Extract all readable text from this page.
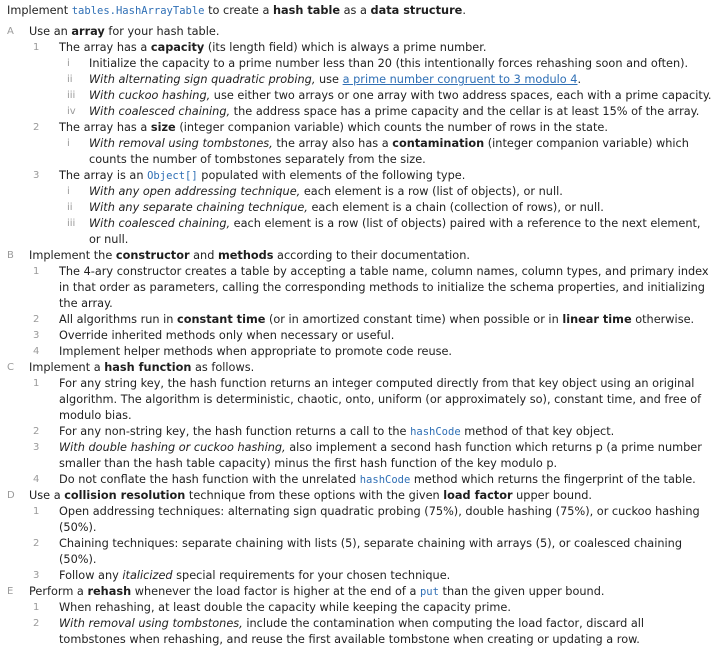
Implement tables.HashArrayTable to create a hash table as a data structure.
A Use an array for your hash table.
1 The array has a capacity (its length field) which is always a prime number.
i Initialize the capacity to a prime number less than 20 (this intentionally forces rehashing soon and often).
ii With alternating sign quadratic probing, use a prime number congruent to 3 modulo 4.
iii With cuckoo hashing, use either two arrays or one array with two address spaces, each with a prime capacity.
iv With coalesced chaining, the address space has a prime capacity and the cellar is at least 15% of the array.
2 The array has a size (integer companion variable) which counts the number of rows in the state.
i With removal using tombstones, the array also has a contamination (integer companion variable) which counts the number of tombstones separately from the size.
3 The array is an Object[] populated with elements of the following type.
i With any open addressing technique, each element is a row (list of objects), or null.
ii With any separate chaining technique, each element is a chain (collection of rows), or null.
iii With coalesced chaining, each element is a row (list of objects) paired with a reference to the next element, or null.
B Implement the constructor and methods according to their documentation.
1 The 4-ary constructor creates a table by accepting a table name, column names, column types, and primary index in that order as parameters, calling the corresponding methods to initialize the schema properties, and initializing the array.
2 All algorithms run in constant time (or in amortized constant time) when possible or in linear time otherwise.
3 Override inherited methods only when necessary or useful.
4 Implement helper methods when appropriate to promote code reuse.
C Implement a hash function as follows.
1 For any string key, the hash function returns an integer computed directly from that key object using an original algorithm. The algorithm is deterministic, chaotic, onto, uniform (or approximately so), constant time, and free of modulo bias.
2 For any non-string key, the hash function returns a call to the hashCode method of that key object.
3 With double hashing or cuckoo hashing, also implement a second hash function which returns p (a prime number smaller than the hash table capacity) minus the first hash function of the key modulo p.
4 Do not conflate the hash function with the unrelated hashCode method which returns the fingerprint of the table.
D Use a collision resolution technique from these options with the given load factor upper bound.
1 Open addressing techniques: alternating sign quadratic probing (75%), double hashing (75%), or cuckoo hashing (50%).
2 Chaining techniques: separate chaining with lists (5), separate chaining with arrays (5), or coalesced chaining (50%).
3 Follow any italicized special requirements for your chosen technique.
E Perform a rehash whenever the load factor is higher at the end of a put than the given upper bound.
1 When rehashing, at least double the capacity while keeping the capacity prime.
2 With removal using tombstones, include the contamination when computing the load factor, discard all tombstones when rehashing, and reuse the first available tombstone when creating or updating a row.
